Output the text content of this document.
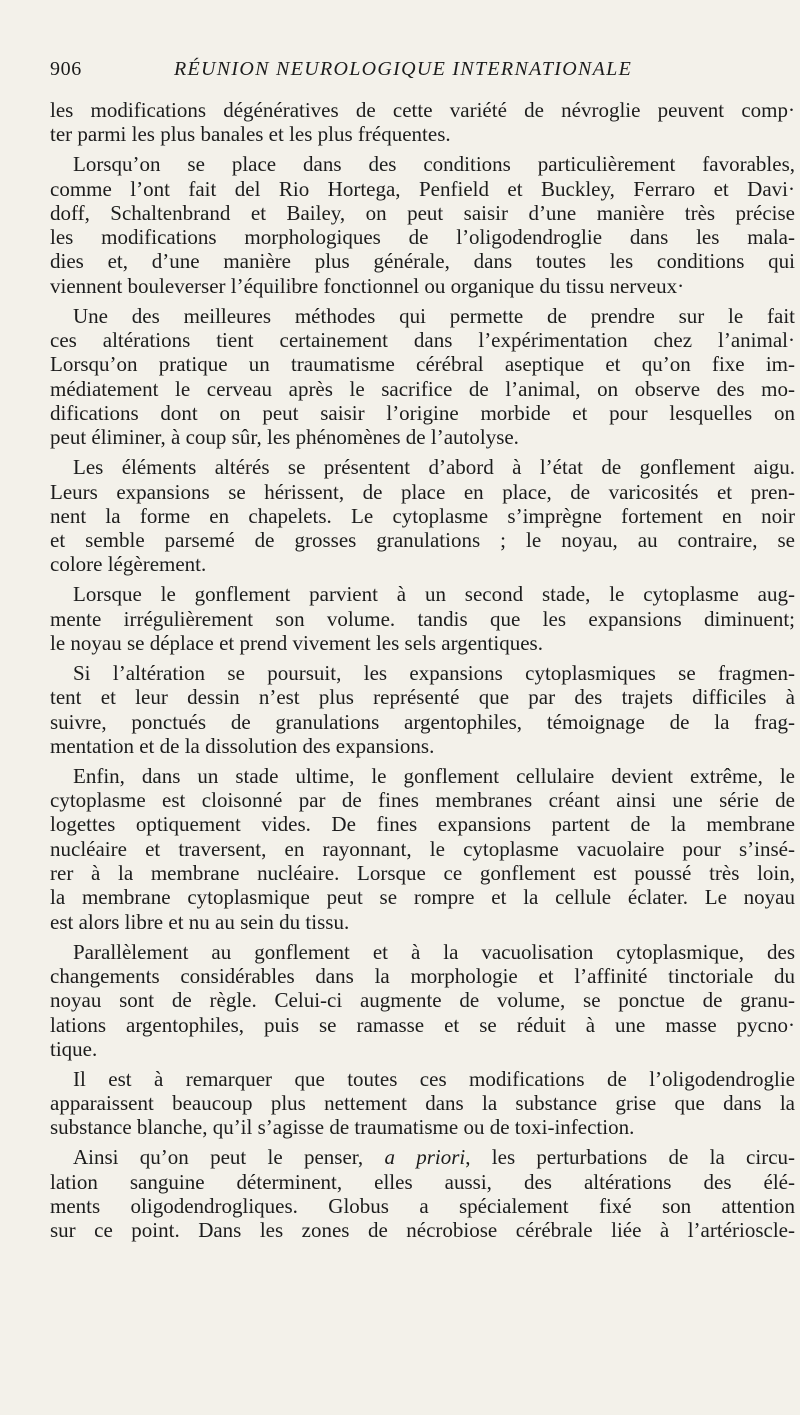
906	RÉUNION NEUROLOGIQUE INTERNATIONALE
les modifications dégénératives de cette variété de névroglie peuvent comp·
ter parmi les plus banales et les plus fréquentes.
Lorsqu’on se place dans des conditions particulièrement favorables,
comme l’ont fait del Rio Hortega, Penfield et Buckley, Ferraro et Davi·
doff, Schaltenbrand et Bailey, on peut saisir d’une manière très précise
les modifications morphologiques de l’oligodendroglie dans les mala-
dies et, d’une manière plus générale, dans toutes les conditions qui
viennent bouleverser l’équilibre fonctionnel ou organique du tissu nerveux·
Une des meilleures méthodes qui permette de prendre sur le fait
ces altérations tient certainement dans l’expérimentation chez l’animal·
Lorsqu’on pratique un traumatisme cérébral aseptique et qu’on fixe im-
médiatement le cerveau après le sacrifice de l’animal, on observe des mo-
difications dont on peut saisir l’origine morbide et pour lesquelles on
peut éliminer, à coup sûr, les phénomènes de l’autolyse.
Les éléments altérés se présentent d’abord à l’état de gonflement aigu.
Leurs expansions se hérissent, de place en place, de varicosités et pren-
nent la forme en chapelets. Le cytoplasme s’imprègne fortement en noir
et semble parsemé de grosses granulations ; le noyau, au contraire, se
colore légèrement.
Lorsque le gonflement parvient à un second stade, le cytoplasme aug-
mente irrégulièrement son volume. tandis que les expansions diminuent;
le noyau se déplace et prend vivement les sels argentiques.
Si l’altération se poursuit, les expansions cytoplasmiques se fragmen-
tent et leur dessin n’est plus représenté que par des trajets difficiles à
suivre, ponctués de granulations argentophiles, témoignage de la frag-
mentation et de la dissolution des expansions.
Enfin, dans un stade ultime, le gonflement cellulaire devient extrême, le
cytoplasme est cloisonné par de fines membranes créant ainsi une série de
logettes optiquement vides. De fines expansions partent de la membrane
nucléaire et traversent, en rayonnant, le cytoplasme vacuolaire pour s’insé-
rer à la membrane nucléaire. Lorsque ce gonflement est poussé très loin,
la membrane cytoplasmique peut se rompre et la cellule éclater. Le noyau
est alors libre et nu au sein du tissu.
Parallèlement au gonflement et à la vacuolisation cytoplasmique, des
changements considérables dans la morphologie et l’affinité tinctoriale du
noyau sont de règle. Celui-ci augmente de volume, se ponctue de granu-
lations argentophiles, puis se ramasse et se réduit à une masse pycno·
tique.
Il est à remarquer que toutes ces modifications de l’oligodendroglie
apparaissent beaucoup plus nettement dans la substance grise que dans la
substance blanche, qu’il s’agisse de traumatisme ou de toxi-infection.
Ainsi qu’on peut le penser, a priori, les perturbations de la circu-
lation sanguine déterminent, elles aussi, des altérations des élé-
ments oligodendrogliques. Globus a spécialement fixé son attention
sur ce point. Dans les zones de nécrobiose cérébrale liée à l’artérioscle-
